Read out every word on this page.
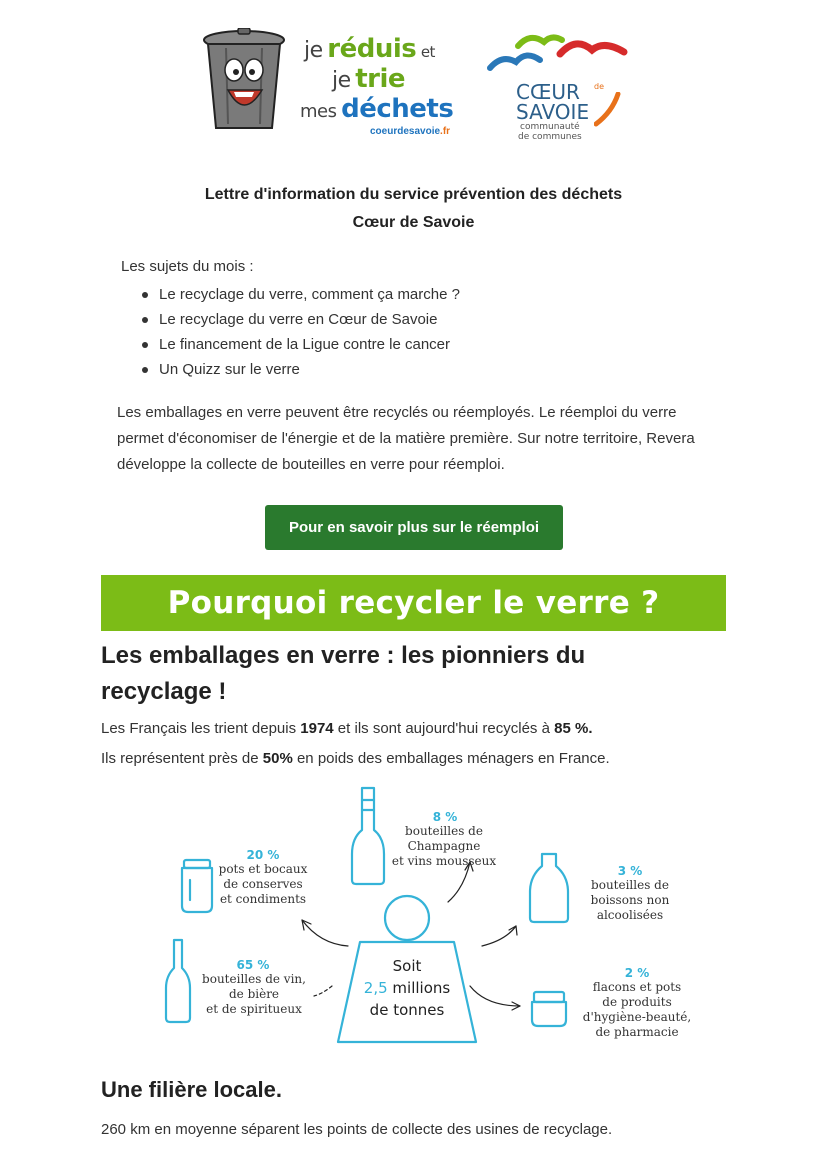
je réduis et
je trie
mes déchets
coeurdesavoie.fr
CŒUR de
SAVOIE
communauté
de communes
Lettre d'information du service prévention des déchets
Cœur de Savoie
Les sujets du mois :
Le recyclage du verre, comment ça marche ?
Le recyclage du verre en Cœur de Savoie
Le financement de la Ligue contre le cancer
Un Quizz sur le verre
Les emballages en verre peuvent être recyclés ou réemployés. Le réemploi du verre permet d'économiser de l'énergie et de la matière première. Sur notre territoire, Revera développe la collecte de bouteilles en verre pour réemploi.
Pour en savoir plus sur le réemploi
Pourquoi recycler le verre ?
Les emballages en verre : les pionniers du recyclage !
Les Français les trient depuis 1974 et ils sont aujourd'hui recyclés à 85 %.
Ils représentent près de 50% en poids des emballages ménagers en France.
Soit
2,5 millions
de tonnes
20 %
pots et bocaux
de conserves
et condiments
8 %
bouteilles de
Champagne
et vins mousseux
3 %
bouteilles de
boissons non
alcoolisées
65 %
bouteilles de vin,
de bière
et de spiritueux
2 %
flacons et pots
de produits
d'hygiène-beauté,
de pharmacie
Une filière locale.
260 km en moyenne séparent les points de collecte des usines de recyclage.
